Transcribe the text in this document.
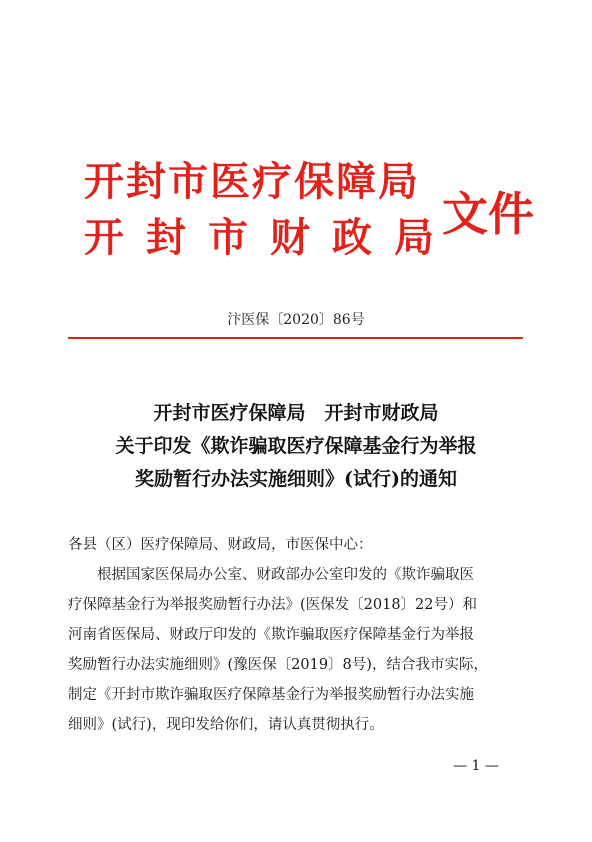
开封市医疗保障局
开封市财政局
文件
汴医保〔2020〕86号
开封市医疗保障局　开封市财政局
关于印发《欺诈骗取医疗保障基金行为举报
奖励暂行办法实施细则》(试行)的通知
各县（区）医疗保障局、财政局，市医保中心：
根据国家医保局办公室、财政部办公室印发的《欺诈骗取医
疗保障基金行为举报奖励暂行办法》(医保发〔2018〕22号）和
河南省医保局、财政厅印发的《欺诈骗取医疗保障基金行为举报
奖励暂行办法实施细则》(豫医保〔2019〕8号)，结合我市实际，
制定《开封市欺诈骗取医疗保障基金行为举报奖励暂行办法实施
细则》(试行)，现印发给你们，请认真贯彻执行。
— 1 —
